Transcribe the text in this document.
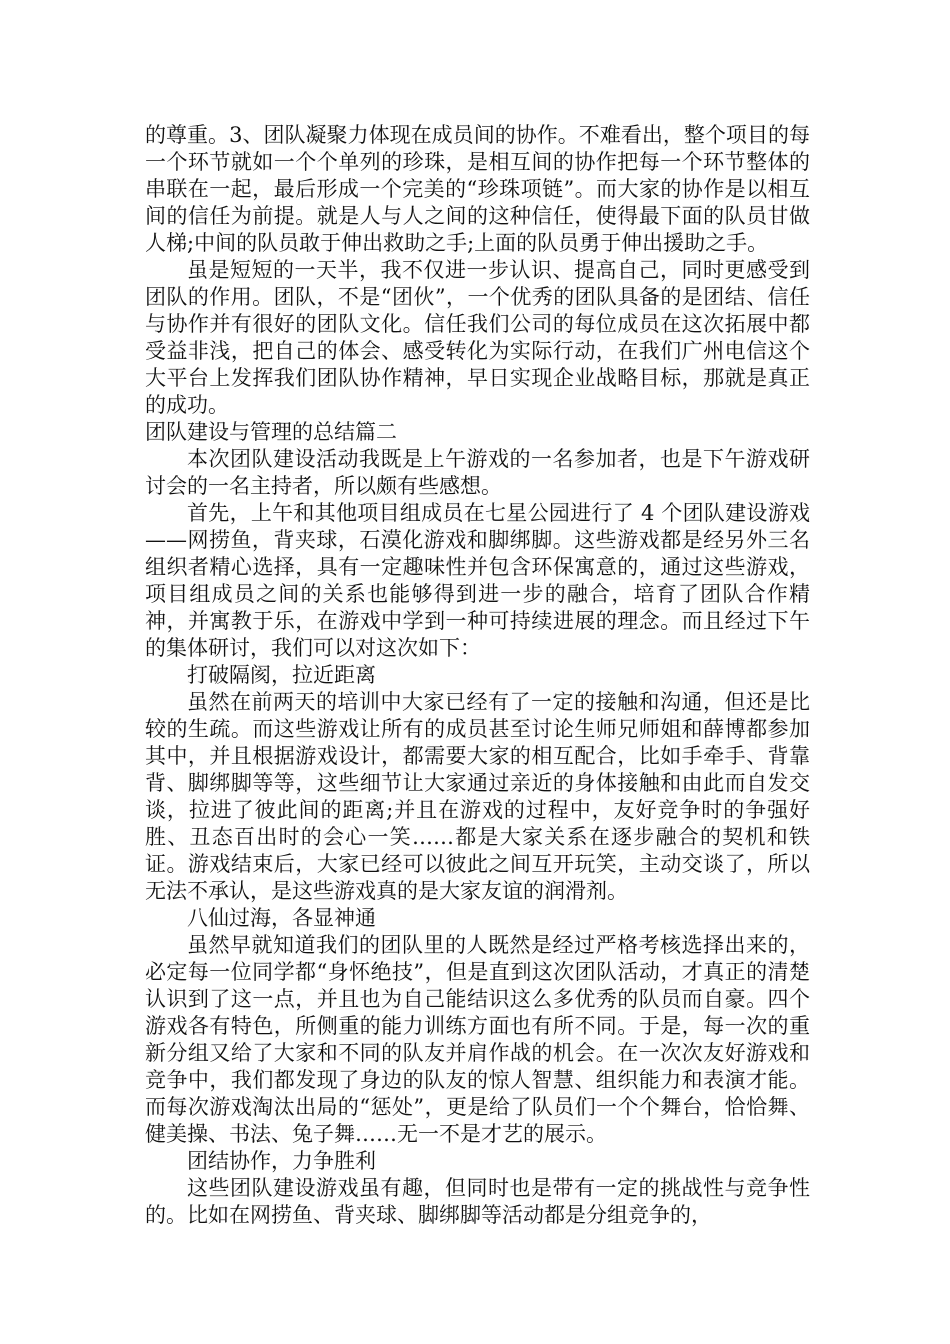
的尊重。3、团队凝聚力体现在成员间的协作。不难看出，整个项目的每一个环节就如一个个单列的珍珠，是相互间的协作把每一个环节整体的串联在一起，最后形成一个完美的“珍珠项链”。而大家的协作是以相互间的信任为前提。就是人与人之间的这种信任，使得最下面的队员甘做人梯;中间的队员敢于伸出救助之手;上面的队员勇于伸出援助之手。

虽是短短的一天半，我不仅进一步认识、提高自己，同时更感受到团队的作用。团队，不是“团伙”，一个优秀的团队具备的是团结、信任与协作并有很好的团队文化。信任我们公司的每位成员在这次拓展中都受益非浅，把自己的体会、感受转化为实际行动，在我们广州电信这个大平台上发挥我们团队协作精神，早日实现企业战略目标，那就是真正的成功。

团队建设与管理的总结篇二

本次团队建设活动我既是上午游戏的一名参加者，也是下午游戏研讨会的一名主持者，所以颇有些感想。

首先，上午和其他项目组成员在七星公园进行了 4 个团队建设游戏——网捞鱼，背夹球，石漠化游戏和脚绑脚。这些游戏都是经另外三名组织者精心选择，具有一定趣味性并包含环保寓意的，通过这些游戏，项目组成员之间的关系也能够得到进一步的融合，培育了团队合作精神，并寓教于乐，在游戏中学到一种可持续进展的理念。而且经过下午的集体研讨，我们可以对这次如下：

打破隔阂，拉近距离

虽然在前两天的培训中大家已经有了一定的接触和沟通，但还是比较的生疏。而这些游戏让所有的成员甚至讨论生师兄师姐和薛博都参加其中，并且根据游戏设计，都需要大家的相互配合，比如手牵手、背靠背、脚绑脚等等，这些细节让大家通过亲近的身体接触和由此而自发交谈，拉进了彼此间的距离;并且在游戏的过程中，友好竞争时的争强好胜、丑态百出时的会心一笑……都是大家关系在逐步融合的契机和铁证。游戏结束后，大家已经可以彼此之间互开玩笑，主动交谈了，所以无法不承认，是这些游戏真的是大家友谊的润滑剂。

八仙过海，各显神通

虽然早就知道我们的团队里的人既然是经过严格考核选择出来的，必定每一位同学都“身怀绝技”，但是直到这次团队活动，才真正的清楚认识到了这一点，并且也为自己能结识这么多优秀的队员而自豪。四个游戏各有特色，所侧重的能力训练方面也有所不同。于是，每一次的重新分组又给了大家和不同的队友并肩作战的机会。在一次次友好游戏和竞争中，我们都发现了身边的队友的惊人智慧、组织能力和表演才能。而每次游戏淘汰出局的“惩处”，更是给了队员们一个个舞台，恰恰舞、健美操、书法、兔子舞……无一不是才艺的展示。

团结协作，力争胜利

这些团队建设游戏虽有趣，但同时也是带有一定的挑战性与竞争性的。比如在网捞鱼、背夹球、脚绑脚等活动都是分组竞争的，
